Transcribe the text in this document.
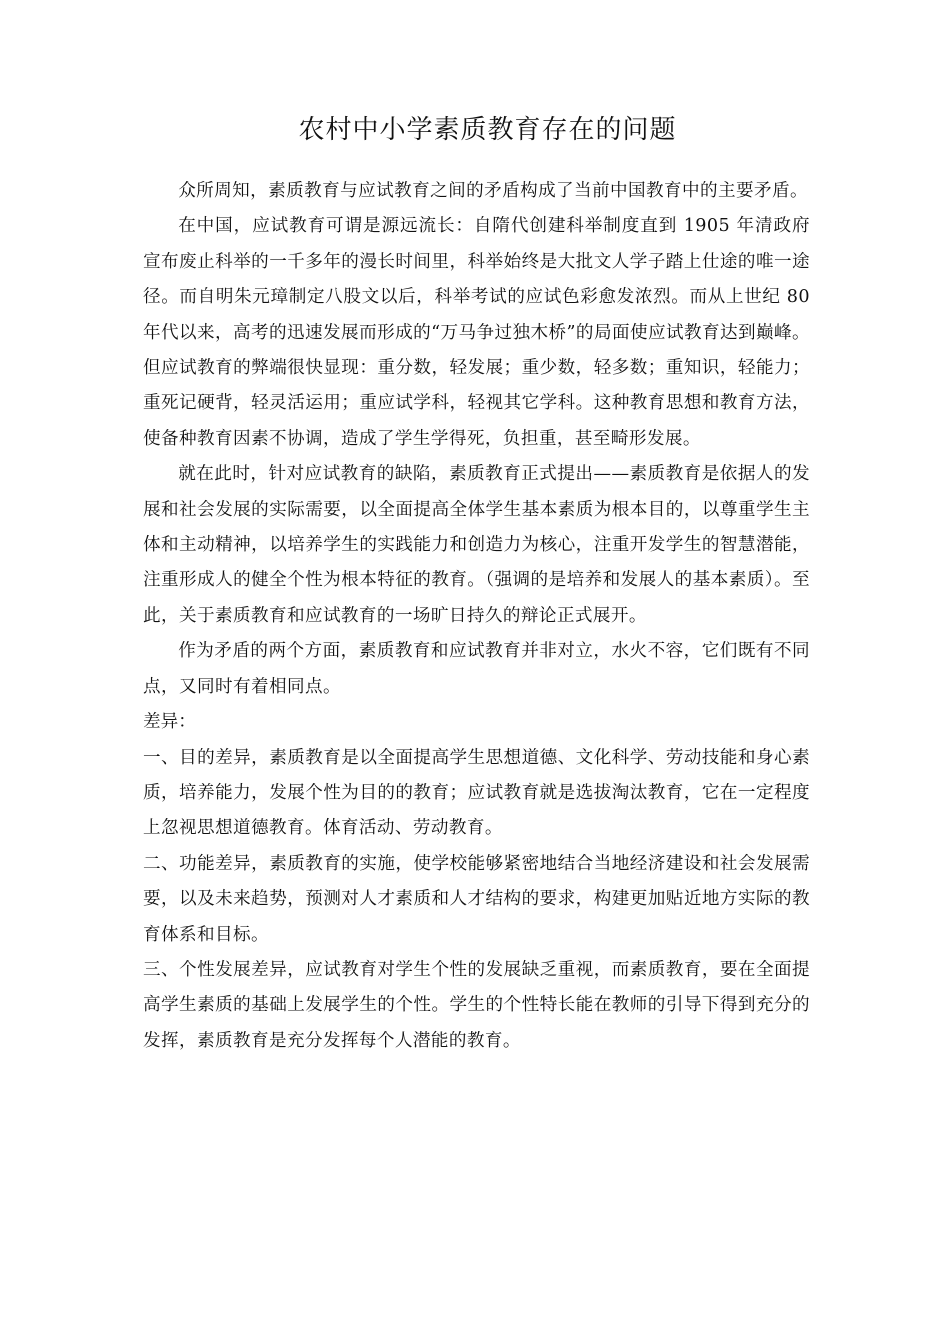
农村中小学素质教育存在的问题

众所周知，素质教育与应试教育之间的矛盾构成了当前中国教育中的主要矛盾。

在中国，应试教育可谓是源远流长：自隋代创建科举制度直到 1905 年清政府宣布废止科举的一千多年的漫长时间里，科举始终是大批文人学子踏上仕途的唯一途径。而自明朱元璋制定八股文以后，科举考试的应试色彩愈发浓烈。而从上世纪 80 年代以来，高考的迅速发展而形成的“万马争过独木桥”的局面使应试教育达到巅峰。但应试教育的弊端很快显现：重分数，轻发展；重少数，轻多数；重知识，轻能力；重死记硬背，轻灵活运用；重应试学科，轻视其它学科。这种教育思想和教育方法，使备种教育因素不协调，造成了学生学得死，负担重，甚至畸形发展。

就在此时，针对应试教育的缺陷，素质教育正式提出——素质教育是依据人的发展和社会发展的实际需要，以全面提高全体学生基本素质为根本目的，以尊重学生主体和主动精神，以培养学生的实践能力和创造力为核心，注重开发学生的智慧潜能，注重形成人的健全个性为根本特征的教育。（强调的是培养和发展人的基本素质）。至此，关于素质教育和应试教育的一场旷日持久的辩论正式展开。

作为矛盾的两个方面，素质教育和应试教育并非对立，水火不容，它们既有不同点，又同时有着相同点。

差异：

一、目的差异，素质教育是以全面提高学生思想道德、文化科学、劳动技能和身心素质，培养能力，发展个性为目的的教育；应试教育就是选拔淘汰教育，它在一定程度上忽视思想道德教育。体育活动、劳动教育。

二、功能差异，素质教育的实施，使学校能够紧密地结合当地经济建设和社会发展需要，以及未来趋势，预测对人才素质和人才结构的要求，构建更加贴近地方实际的教育体系和目标。

三、个性发展差异，应试教育对学生个性的发展缺乏重视，而素质教育，要在全面提高学生素质的基础上发展学生的个性。学生的个性特长能在教师的引导下得到充分的发挥，素质教育是充分发挥每个人潜能的教育。
